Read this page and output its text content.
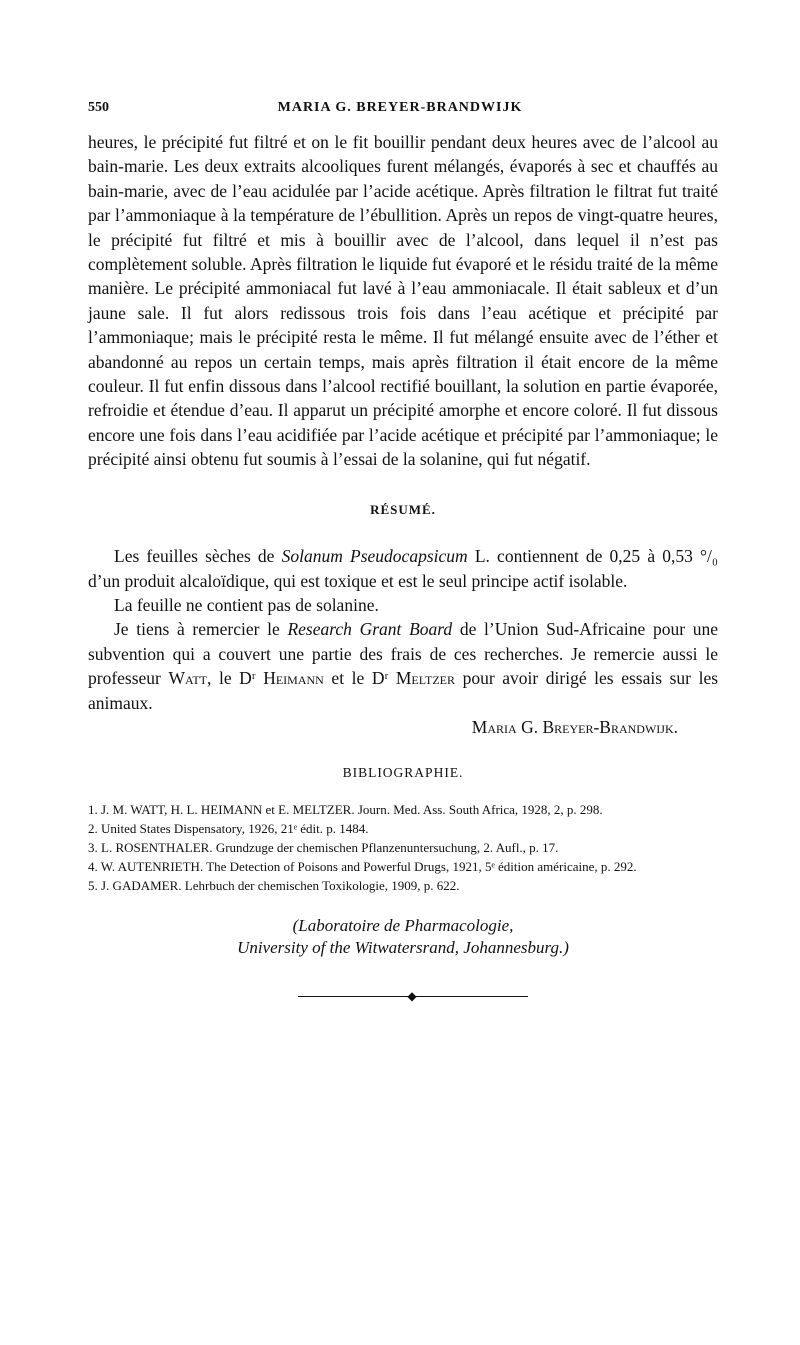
550	MARIA G. BREYER-BRANDWIJK

heures, le précipité fut filtré et on le fit bouillir pendant deux heures avec de l’alcool au bain-marie. Les deux extraits alcooliques furent mélangés, évaporés à sec et chauffés au bain-marie, avec de l’eau acidulée par l’acide acétique. Après filtration le filtrat fut traité par l’ammoniaque à la température de l’ébullition. Après un repos de vingt-quatre heures, le précipité fut filtré et mis à bouillir avec de l’alcool, dans lequel il n’est pas complètement soluble. Après filtration le liquide fut évaporé et le résidu traité de la même manière. Le précipité ammoniacal fut lavé à l’eau ammoniacale. Il était sableux et d’un jaune sale. Il fut alors redissous trois fois dans l’eau acétique et précipité par l’ammoniaque; mais le précipité resta le même. Il fut mélangé ensuite avec de l’éther et abandonné au repos un certain temps, mais après filtration il était encore de la même couleur. Il fut enfin dissous dans l’alcool rectifié bouillant, la solution en partie évaporée, refroidie et étendue d’eau. Il apparut un précipité amorphe et encore coloré. Il fut dissous encore une fois dans l’eau acidifiée par l’acide acétique et précipité par l’ammoniaque; le précipité ainsi obtenu fut soumis à l’essai de la solanine, qui fut négatif.

RÉSUMÉ.

Les feuilles sèches de Solanum Pseudocapsicum L. contiennent de 0,25 à 0,53 °/₀ d’un produit alcaloïdique, qui est toxique et est le seul principe actif isolable.

La feuille ne contient pas de solanine.

Je tiens à remercier le Research Grant Board de l’Union Sud-Africaine pour une subvention qui a couvert une partie des frais de ces recherches. Je remercie aussi le professeur Watt, le Dʳ Heimann et le Dʳ Meltzer pour avoir dirigé les essais sur les animaux.

Maria G. Breyer-Brandwijk.

BIBLIOGRAPHIE.
1. J. M. WATT, H. L. HEIMANN et E. MELTZER. Journ. Med. Ass. South Africa, 1928, 2, p. 298.
2. United States Dispensatory, 1926, 21ᵉ édit. p. 1484.
3. L. ROSENTHALER. Grundzuge der chemischen Pflanzenuntersuchung, 2. Aufl., p. 17.
4. W. AUTENRIETH. The Detection of Poisons and Powerful Drugs, 1921, 5ᵉ édition américaine, p. 292.
5. J. GADAMER. Lehrbuch der chemischen Toxikologie, 1909, p. 622.
(Laboratoire de Pharmacologie,
University of the Witwatersrand, Johannesburg.)
◆
